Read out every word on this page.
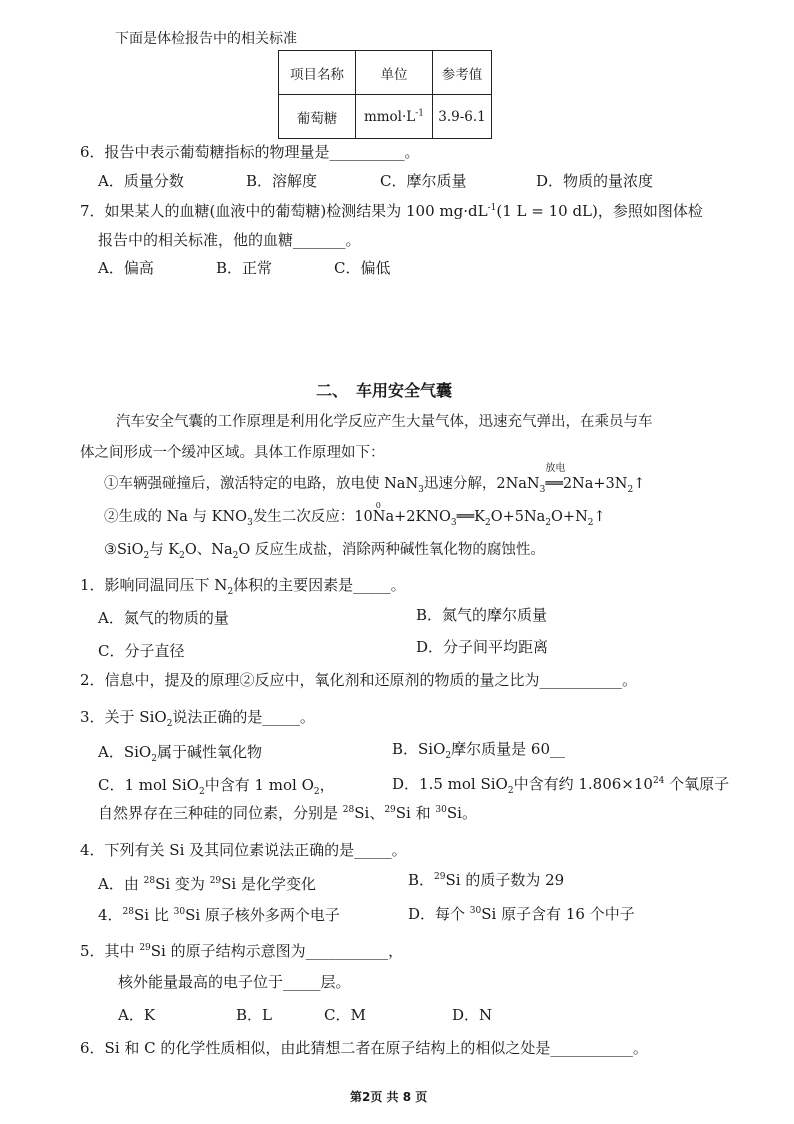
下面是体检报告中的相关标准
项目名称	单位	参考值
葡萄糖	$mmol\cdot L^{-1}$	3.9-6.1
6．报告中表示葡萄糖指标的物理量是__________。
A．质量分数	B．溶解度	C．摩尔质量	D．物质的量浓度
7．如果某人的血糖(血液中的葡萄糖)检测结果为 100 $mg\cdot dL^{-1}(1$ L = 10 dL)，参照如图体检
报告中的相关标准，他的血糖_______。
A．偏高	B．正常	C．偏低
二、　车用安全气囊
汽车安全气囊的工作原理是利用化学反应产生大量气体，迅速充气弹出，在乘员与车
体之间形成一个缓冲区域。具体工作原理如下：
①车辆强碰撞后，激活特定的电路，放电使 NaN$_3$迅速分解，2NaN$_3$
放电
$══2Na+3N_2↑$
②生成的 Na 与 $KNO_3$发生二次反应：10
0
$Na+2KNO_3══K_2O+5Na_2O+N_2↑$
③SiO$_2$与 $K_2O$、$Na_2O$ 反应生成盐，消除两种碱性氧化物的腐蚀性。
1．影响同温同压下 $N_2$体积的主要因素是_____。
A．氮气的物质的量	B．氮气的摩尔质量
C．分子直径	D．分子间平均距离
2．信息中，提及的原理②反应中，氧化剂和还原剂的物质的量之比为___________。
3．关于 SiO$_2$说法正确的是_____。
A．SiO$_2$属于碱性氧化物	B．SiO$_2$摩尔质量是 60__
C．1 mol SiO$_2$中含有 1 mol $O_2$，	D．1.5 mol SiO$_2$中含有约 $1.806\times 10^{24}$ 个氧原子
自然界存在三种硅的同位素，分别是 $^{28}$Si、$^{29}$Si 和 $^{30}$Si。
4．下列有关 Si 及其同位素说法正确的是_____。
A．由 $^{28}$Si 变为 $^{29}$Si 是化学变化	B．$^{29}$Si 的质子数为 29
4．$^{28}$Si 比 $^{30}$Si 原子核外多两个电子	D．每个 $^{30}$Si 原子含有 16 个中子
5．其中 $^{29}$Si 的原子结构示意图为___________，
核外能量最高的电子位于_____层。
A．K	B．L	C．M	D．N
6．Si 和 C 的化学性质相似，由此猜想二者在原子结构上的相似之处是___________。
第2页 共 8 页
